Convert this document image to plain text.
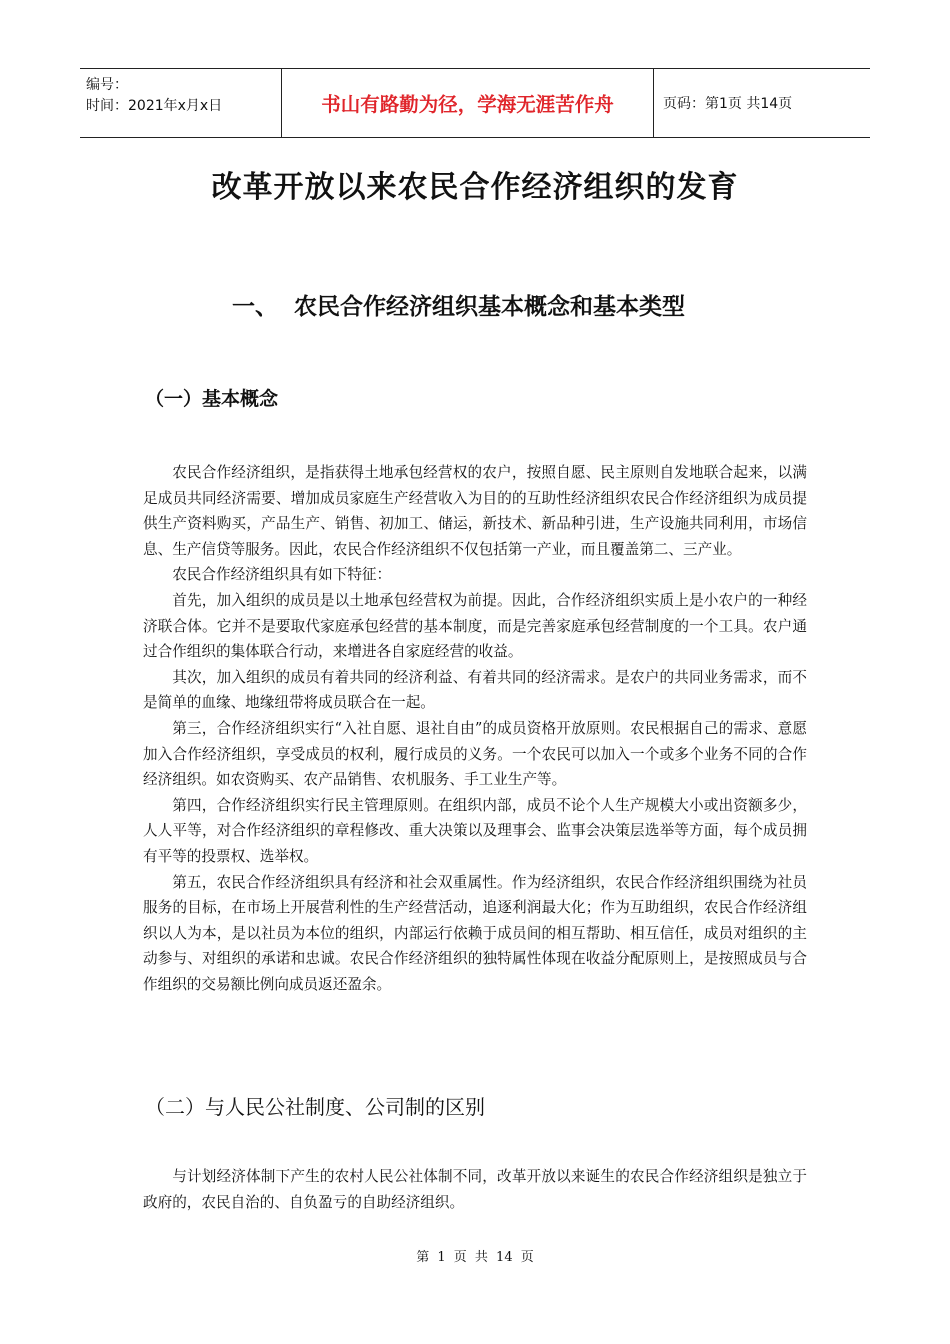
编号：
时间：2021年x月x日	书山有路勤为径，学海无涯苦作舟	页码：第1页 共14页
改革开放以来农民合作经济组织的发育
一、 农民合作经济组织基本概念和基本类型
（一）基本概念

农民合作经济组织，是指获得土地承包经营权的农户，按照自愿、民主原则自发地联合起来，以满足成员共同经济需要、增加成员家庭生产经营收入为目的的互助性经济组织农民合作经济组织为成员提供生产资料购买，产品生产、销售、初加工、储运，新技术、新品种引进，生产设施共同利用，市场信息、生产信贷等服务。因此，农民合作经济组织不仅包括第一产业，而且覆盖第二、三产业。

农民合作经济组织具有如下特征：

首先，加入组织的成员是以土地承包经营权为前提。因此，合作经济组织实质上是小农户的一种经济联合体。它并不是要取代家庭承包经营的基本制度，而是完善家庭承包经营制度的一个工具。农户通过合作组织的集体联合行动，来增进各自家庭经营的收益。

其次，加入组织的成员有着共同的经济利益、有着共同的经济需求。是农户的共同业务需求，而不是简单的血缘、地缘纽带将成员联合在一起。

第三，合作经济组织实行“入社自愿、退社自由”的成员资格开放原则。农民根据自己的需求、意愿加入合作经济组织，享受成员的权利，履行成员的义务。一个农民可以加入一个或多个业务不同的合作经济组织。如农资购买、农产品销售、农机服务、手工业生产等。

第四，合作经济组织实行民主管理原则。在组织内部，成员不论个人生产规模大小或出资额多少，人人平等，对合作经济组织的章程修改、重大决策以及理事会、监事会决策层选举等方面，每个成员拥有平等的投票权、选举权。

第五，农民合作经济组织具有经济和社会双重属性。作为经济组织，农民合作经济组织围绕为社员服务的目标，在市场上开展营利性的生产经营活动，追逐利润最大化；作为互助组织，农民合作经济组织以人为本，是以社员为本位的组织，内部运行依赖于成员间的相互帮助、相互信任，成员对组织的主动参与、对组织的承诺和忠诚。农民合作经济组织的独特属性体现在收益分配原则上，是按照成员与合作组织的交易额比例向成员返还盈余。

（二）与人民公社制度、公司制的区别

与计划经济体制下产生的农村人民公社体制不同，改革开放以来诞生的农民合作经济组织是独立于政府的，农民自治的、自负盈亏的自助经济组织。

第 1 页 共 14 页
